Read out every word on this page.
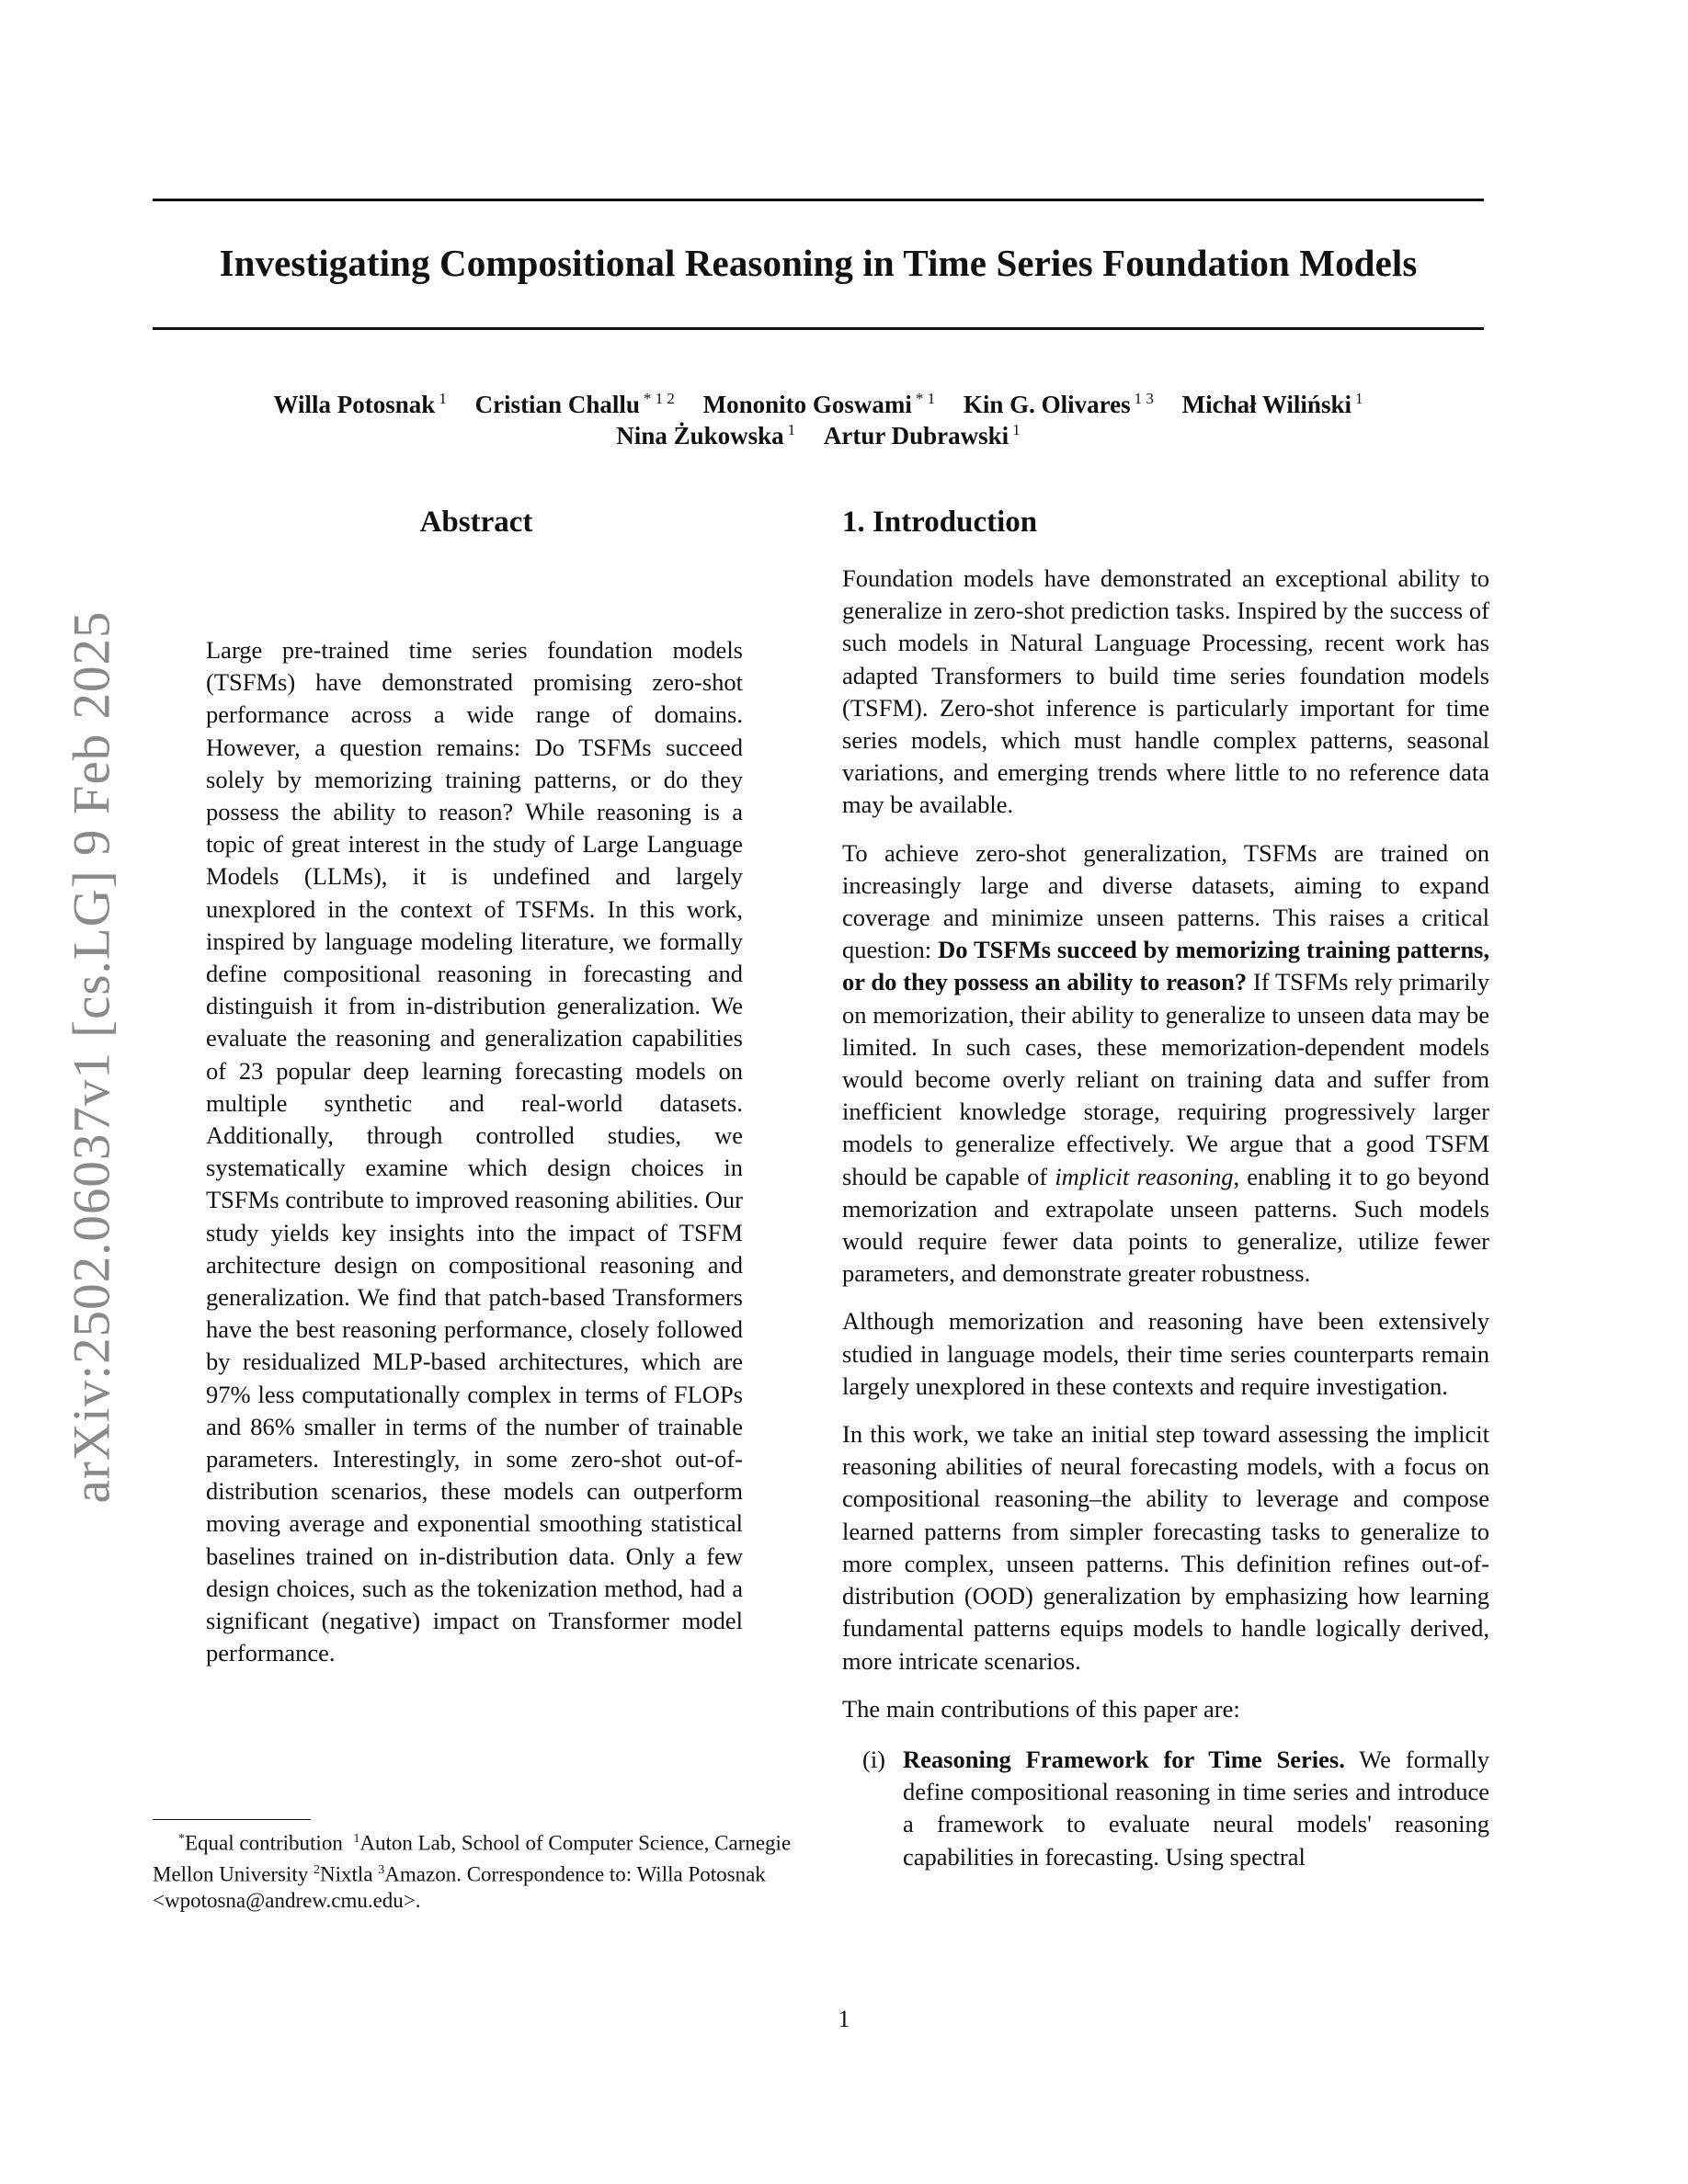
arXiv:2502.06037v1 [cs.LG] 9 Feb 2025
Investigating Compositional Reasoning in Time Series Foundation Models
Willa Potosnak $^1$ Cristian Challu $^{* 1 2}$ Mononito Goswami $^{* 1}$ Kin G. Olivares $^{1 3}$ Michał Wiliński $^1$
Nina Żukowska $^1$ Artur Dubrawski $^1$
Abstract
Large pre-trained time series foundation models (TSFMs) have demonstrated promising zero-shot performance across a wide range of domains. However, a question remains: Do TSFMs succeed solely by memorizing training patterns, or do they possess the ability to reason? While reasoning is a topic of great interest in the study of Large Language Models (LLMs), it is undefined and largely unexplored in the context of TSFMs. In this work, inspired by language modeling literature, we formally define compositional reasoning in forecasting and distinguish it from in-distribution generalization. We evaluate the reasoning and generalization capabilities of 23 popular deep learning forecasting models on multiple synthetic and real-world datasets. Additionally, through controlled studies, we systematically examine which design choices in TSFMs contribute to improved reasoning abilities. Our study yields key insights into the impact of TSFM architecture design on compositional reasoning and generalization. We find that patch-based Transformers have the best reasoning performance, closely followed by residualized MLP-based architectures, which are 97% less computationally complex in terms of FLOPs and 86% smaller in terms of the number of trainable parameters. Interestingly, in some zero-shot out-of-distribution scenarios, these models can outperform moving average and exponential smoothing statistical baselines trained on in-distribution data. Only a few design choices, such as the tokenization method, had a significant (negative) impact on Transformer model performance.

*Equal contribution $^1$Auton Lab, School of Computer Science, Carnegie Mellon University $^2$Nixtla $^3$Amazon. Correspondence to: Willa Potosnak <wpotosna@andrew.cmu.edu>.

1. Introduction

Foundation models have demonstrated an exceptional ability to generalize in zero-shot prediction tasks. Inspired by the success of such models in Natural Language Processing, recent work has adapted Transformers to build time series foundation models (TSFM). Zero-shot inference is particularly important for time series models, which must handle complex patterns, seasonal variations, and emerging trends where little to no reference data may be available.

To achieve zero-shot generalization, TSFMs are trained on increasingly large and diverse datasets, aiming to expand coverage and minimize unseen patterns. This raises a critical question: Do TSFMs succeed by memorizing training patterns, or do they possess an ability to reason? If TSFMs rely primarily on memorization, their ability to generalize to unseen data may be limited. In such cases, these memorization-dependent models would become overly reliant on training data and suffer from inefficient knowledge storage, requiring progressively larger models to generalize effectively. We argue that a good TSFM should be capable of implicit reasoning, enabling it to go beyond memorization and extrapolate unseen patterns. Such models would require fewer data points to generalize, utilize fewer parameters, and demonstrate greater robustness.

Although memorization and reasoning have been extensively studied in language models, their time series counterparts remain largely unexplored in these contexts and require investigation.

In this work, we take an initial step toward assessing the implicit reasoning abilities of neural forecasting models, with a focus on compositional reasoning–the ability to leverage and compose learned patterns from simpler forecasting tasks to generalize to more complex, unseen patterns. This definition refines out-of-distribution (OOD) generalization by emphasizing how learning fundamental patterns equips models to handle logically derived, more intricate scenarios.

The main contributions of this paper are:

(i) Reasoning Framework for Time Series. We formally define compositional reasoning in time series and introduce a framework to evaluate neural models' reasoning capabilities in forecasting. Using spectral
1
